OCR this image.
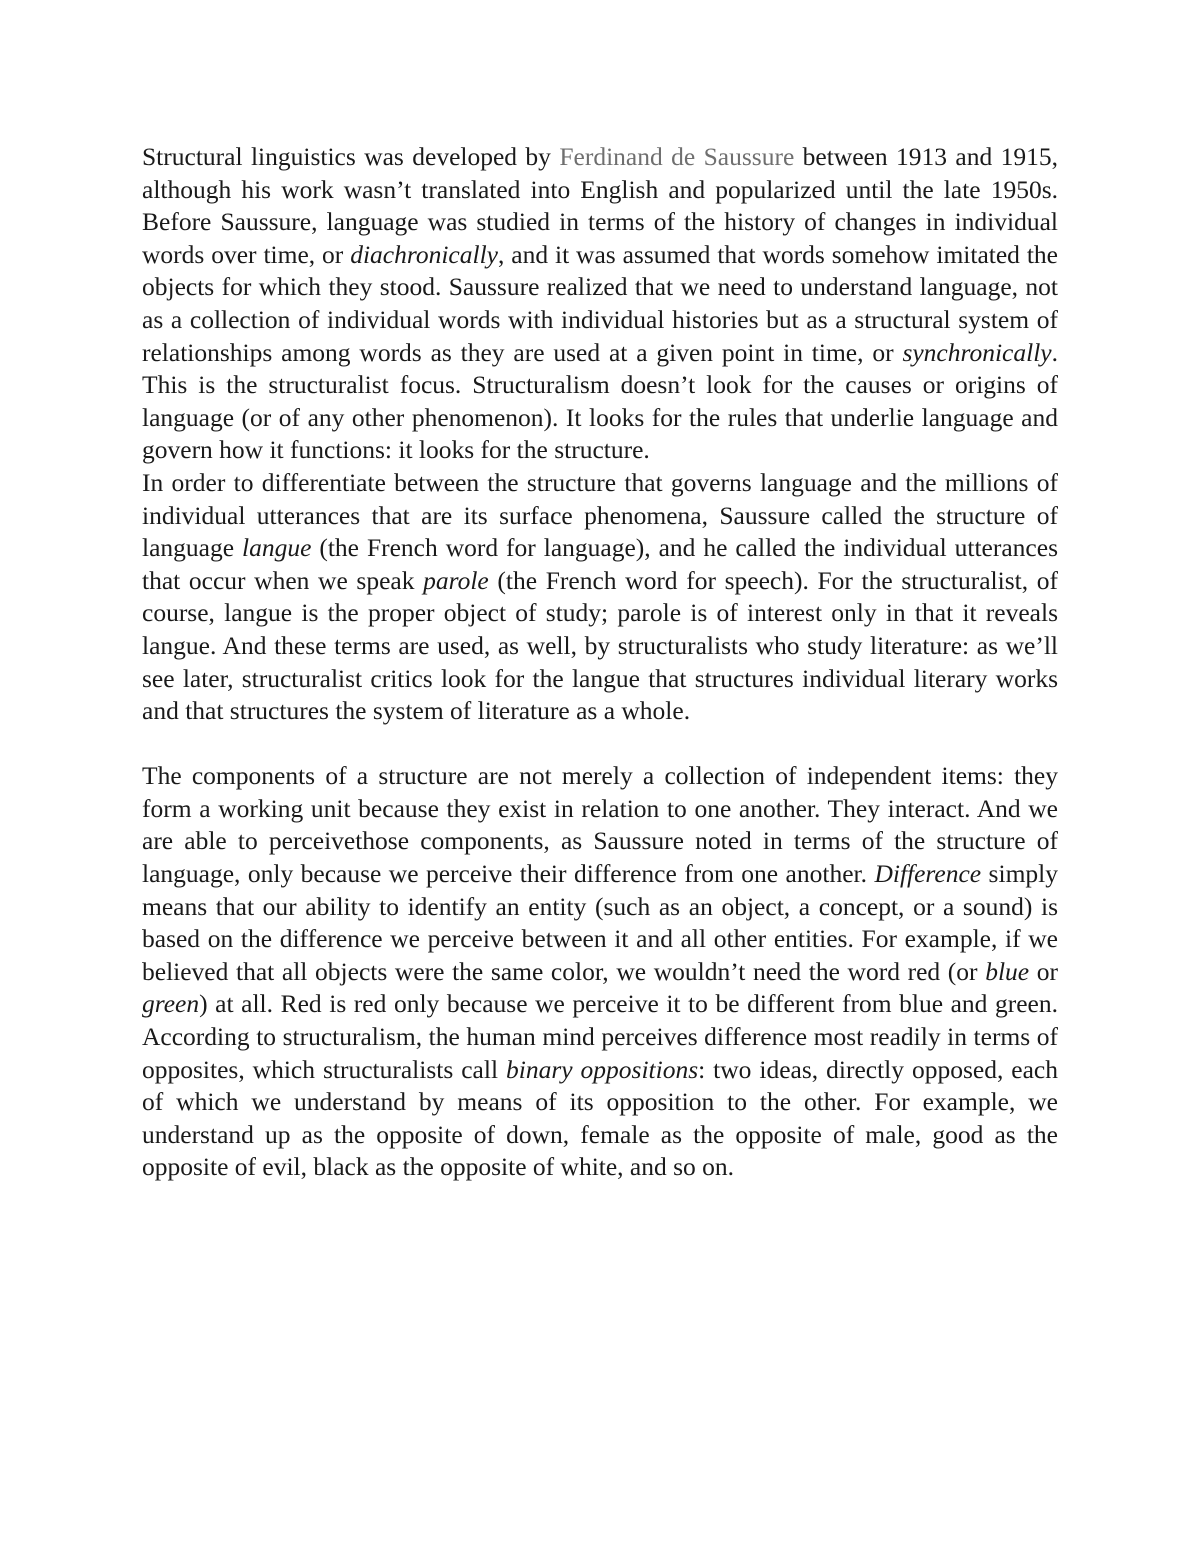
Structural linguistics was developed by Ferdinand de Saussure between 1913 and 1915, although his work wasn’t translated into English and popularized until the late 1950s. Before Saussure, language was studied in terms of the history of changes in individual words over time, or diachronically, and it was assumed that words somehow imitated the objects for which they stood. Saussure realized that we need to understand language, not as a collection of individual words with individual histories but as a structural system of relationships among words as they are used at a given point in time, or synchronically. This is the structuralist focus. Structuralism doesn’t look for the causes or origins of language (or of any other phenomenon). It looks for the rules that underlie language and govern how it functions: it looks for the structure.

In order to differentiate between the structure that governs language and the millions of individual utterances that are its surface phenomena, Saussure called the structure of language langue (the French word for language), and he called the individual utterances that occur when we speak parole (the French word for speech). For the structuralist, of course, langue is the proper object of study; parole is of interest only in that it reveals langue. And these terms are used, as well, by structuralists who study literature: as we’ll see later, structuralist critics look for the langue that structures individual literary works and that structures the system of literature as a whole.

The components of a structure are not merely a collection of independent items: they form a working unit because they exist in relation to one another. They interact. And we are able to perceivethose components, as Saussure noted in terms of the structure of language, only because we perceive their difference from one another. Difference simply means that our ability to identify an entity (such as an object, a concept, or a sound) is based on the difference we perceive between it and all other entities. For example, if we believed that all objects were the same color, we wouldn’t need the word red (or blue or green) at all. Red is red only because we perceive it to be different from blue and green. According to structuralism, the human mind perceives difference most readily in terms of opposites, which structuralists call binary oppositions: two ideas, directly opposed, each of which we understand by means of its opposition to the other. For example, we understand up as the opposite of down, female as the opposite of male, good as the opposite of evil, black as the opposite of white, and so on.
